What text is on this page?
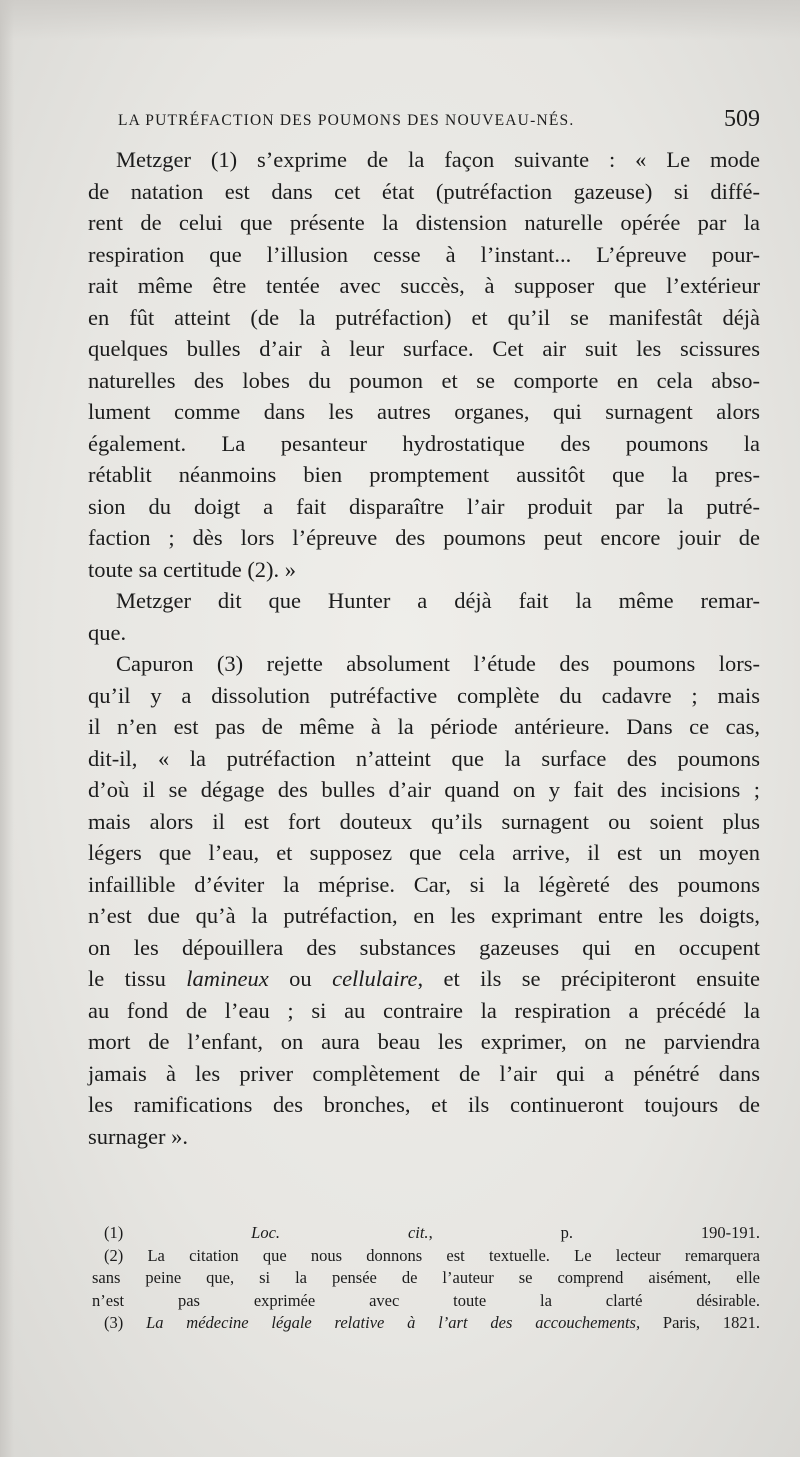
LA PUTRÉFACTION DES POUMONS DES NOUVEAU-NÉS.	509
Metzger (1) s’exprime de la façon suivante : « Le mode
de natation est dans cet état (putréfaction gazeuse) si diffé-
rent de celui que présente la distension naturelle opérée par la
respiration que l’illusion cesse à l’instant... L’épreuve pour-
rait même être tentée avec succès, à supposer que l’extérieur
en fût atteint (de la putréfaction) et qu’il se manifestât déjà
quelques bulles d’air à leur surface. Cet air suit les scissures
naturelles des lobes du poumon et se comporte en cela abso-
lument comme dans les autres organes, qui surnagent alors
également. La pesanteur hydrostatique des poumons la
rétablit néanmoins bien promptement aussitôt que la pres-
sion du doigt a fait disparaître l’air produit par la putré-
faction ; dès lors l’épreuve des poumons peut encore jouir de
toute sa certitude (2). »
Metzger dit que Hunter a déjà fait la même remar-
que.
Capuron (3) rejette absolument l’étude des poumons lors-
qu’il y a dissolution putréfactive complète du cadavre ; mais
il n’en est pas de même à la période antérieure. Dans ce cas,
dit-il, « la putréfaction n’atteint que la surface des poumons
d’où il se dégage des bulles d’air quand on y fait des incisions ;
mais alors il est fort douteux qu’ils surnagent ou soient plus
légers que l’eau, et supposez que cela arrive, il est un moyen
infaillible d’éviter la méprise. Car, si la légèreté des poumons
n’est due qu’à la putréfaction, en les exprimant entre les doigts,
on les dépouillera des substances gazeuses qui en occupent
le tissu lamineux ou cellulaire, et ils se précipiteront ensuite
au fond de l’eau ; si au contraire la respiration a précédé la
mort de l’enfant, on aura beau les exprimer, on ne parviendra
jamais à les priver complètement de l’air qui a pénétré dans
les ramifications des bronches, et ils continueront toujours de
surnager ».
(1) Loc. cit., p. 190-191.
(2) La citation que nous donnons est textuelle. Le lecteur remarquera
sans peine que, si la pensée de l’auteur se comprend aisément, elle
n’est pas exprimée avec toute la clarté désirable.
(3) La médecine légale relative à l’art des accouchements, Paris, 1821.
